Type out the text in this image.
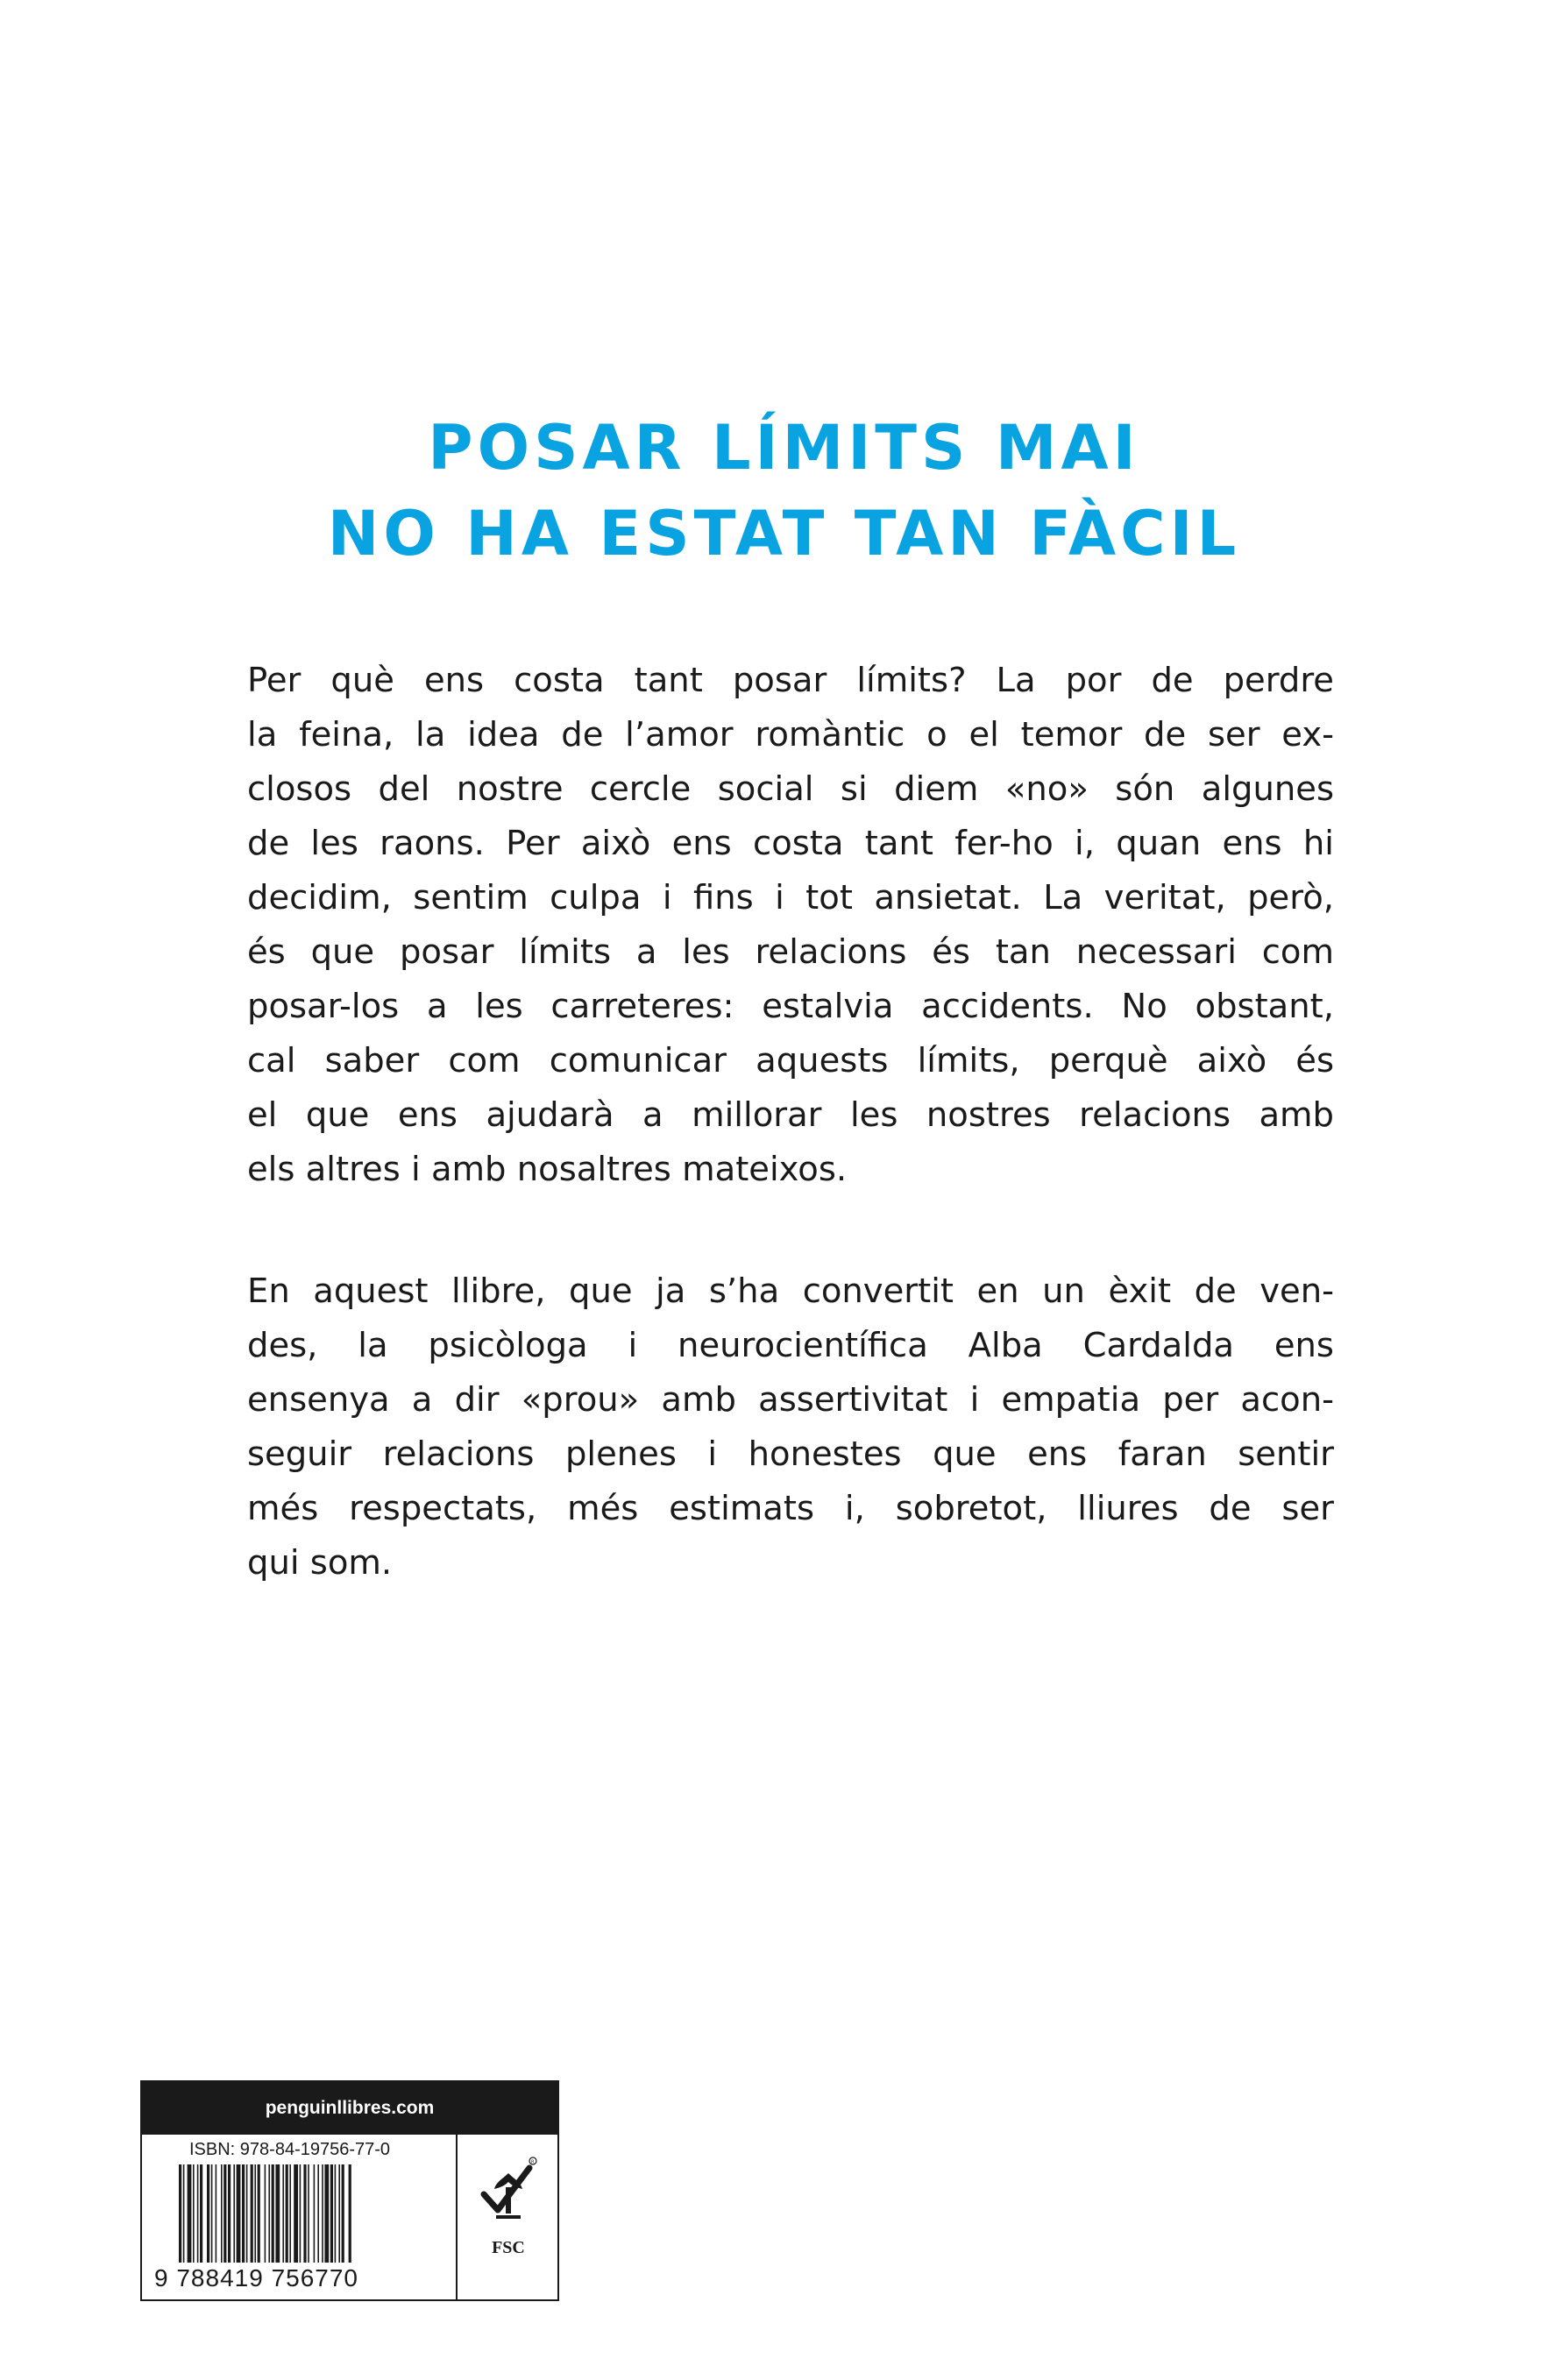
POSAR LÍMITS MAI
NO HA ESTAT TAN FÀCIL
Per què ens costa tant posar límits? La por de perdre
la feina, la idea de l’amor romàntic o el temor de ser ex-
closos del nostre cercle social si diem «no» són algunes
de les raons. Per això ens costa tant fer-ho i, quan ens hi
decidim, sentim culpa i fins i tot ansietat. La veritat, però,
és que posar límits a les relacions és tan necessari com
posar-los a les carreteres: estalvia accidents. No obstant,
cal saber com comunicar aquests límits, perquè això és
el que ens ajudarà a millorar les nostres relacions amb
els altres i amb nosaltres mateixos.
En aquest llibre, que ja s’ha convertit en un èxit de ven-
des, la psicòloga i neurocientífica Alba Cardalda ens
ensenya a dir «prou» amb assertivitat i empatia per acon-
seguir relacions plenes i honestes que ens faran sentir
més respectats, més estimats i, sobretot, lliures de ser
qui som.
penguinllibres.com
ISBN: 978-84-19756-77-0
9 788419 756770
R
FSC
